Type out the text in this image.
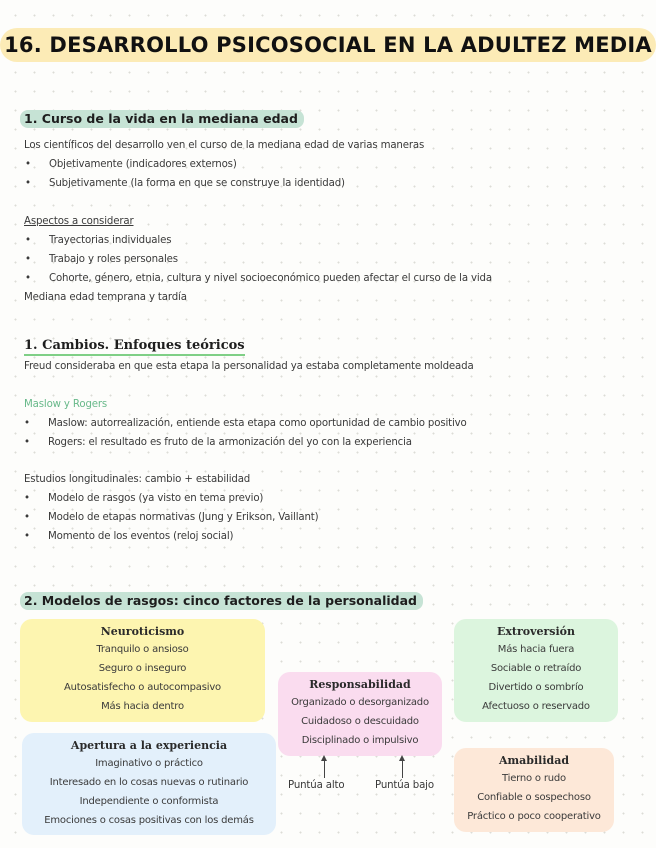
16. DESARROLLO PSICOSOCIAL EN LA ADULTEZ MEDIA
1. Curso de la vida en la mediana edad
Los científicos del desarrollo ven el curso de la mediana edad de varias maneras
• Objetivamente (indicadores externos)
• Subjetivamente (la forma en que se construye la identidad)
Aspectos a considerar
• Trayectorias individuales
• Trabajo y roles personales
• Cohorte, género, etnia, cultura y nivel socioeconómico pueden afectar el curso de la vida
Mediana edad temprana y tardía
1. Cambios. Enfoques teóricos
Freud consideraba en que esta etapa la personalidad ya estaba completamente moldeada
Maslow y Rogers
• Maslow: autorrealización, entiende esta etapa como oportunidad de cambio positivo
• Rogers: el resultado es fruto de la armonización del yo con la experiencia
Estudios longitudinales: cambio + estabilidad
• Modelo de rasgos (ya visto en tema previo)
• Modelo de etapas normativas (Jung y Erikson, Vaillant)
• Momento de los eventos (reloj social)
2. Modelos de rasgos: cinco factores de la personalidad
Neuroticismo
Tranquilo o ansioso
Seguro o inseguro
Autosatisfecho o autocompasivo
Más hacia dentro
Apertura a la experiencia
Imaginativo o práctico
Interesado en lo cosas nuevas o rutinario
Independiente o conformista
Emociones o cosas positivas con los demás
Responsabilidad
Organizado o desorganizado
Cuidadoso o descuidado
Disciplinado o impulsivo
Puntúa alto	Puntúa bajo
Extroversión
Más hacia fuera
Sociable o retraído
Divertido o sombrío
Afectuoso o reservado
Amabilidad
Tierno o rudo
Confiable o sospechoso
Práctico o poco cooperativo
